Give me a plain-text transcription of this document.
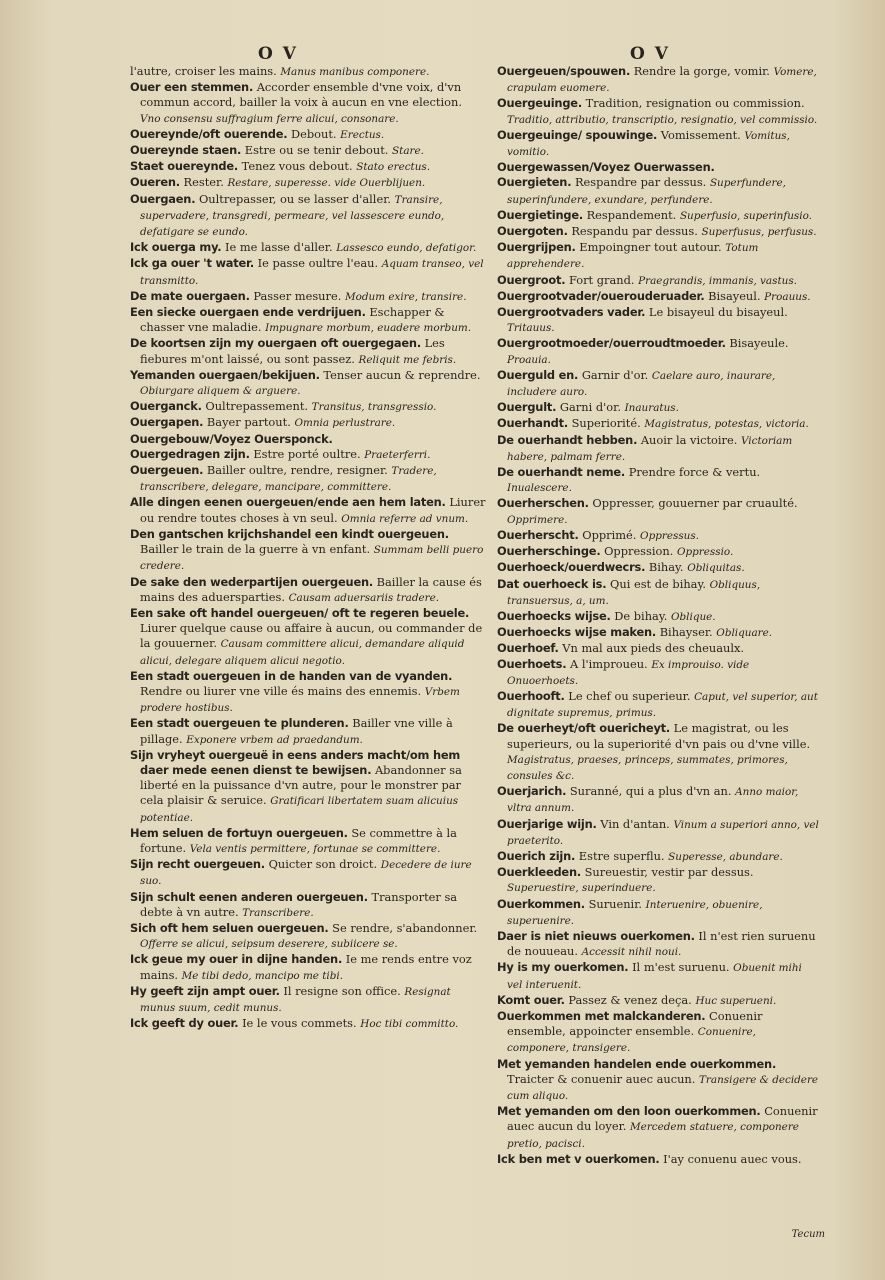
O V	O V

l'autre, croiser les mains. Manus manibus componere.

Ouer een stemmen. Accorder ensemble d'vne voix, d'vn commun accord, bailler la voix à aucun en vne election. Vno consensu suffragium ferre alicui, consonare.

Ouereynde/oft ouerende. Debout. Erectus.

Ouereynde staen. Estre ou se tenir debout. Stare.

Staet ouereynde. Tenez vous debout. Stato erectus.

Oueren. Rester. Restare, superesse. vide Ouerblijuen.

Ouergaen. Oultrepasser, ou se lasser d'aller. Transire, supervadere, transgredi, permeare, vel lassescere eundo, defatigare se eundo.

Ick ouerga my. Ie me lasse d'aller. Lassesco eundo, defatigor.

Ick ga ouer 't water. Ie passe oultre l'eau. Aquam transeo, vel transmitto.

De mate ouergaen. Passer mesure. Modum exire, transire.

Een siecke ouergaen ende verdrijuen. Eschapper & chasser vne maladie. Impugnare morbum, euadere morbum.

De koortsen zijn my ouergaen oft ouergegaen. Les fiebures m'ont laissé, ou sont passez. Reliquit me febris.

Yemanden ouergaen/bekijuen. Tenser aucun & reprendre. Obiurgare aliquem & arguere.

Ouerganck. Oultrepassement. Transitus, transgressio.

Ouergapen. Bayer partout. Omnia perlustrare.

Ouergebouw/Voyez Ouersponck.

Ouergedragen zijn. Estre porté oultre. Praeterferri.

Ouergeuen. Bailler oultre, rendre, resigner. Tradere, transcribere, delegare, mancipare, committere.

Alle dingen eenen ouergeuen/ende aen hem laten. Liurer ou rendre toutes choses à vn seul. Omnia referre ad vnum.

Den gantschen krijchshandel een kindt ouergeuen. Bailler le train de la guerre à vn enfant. Summam belli puero credere.

De sake den wederpartijen ouergeuen. Bailler la cause és mains des aduersparties. Causam aduersariis tradere.

Een sake oft handel ouergeuen/ oft te regeren beuele. Liurer quelque cause ou affaire à aucun, ou commander de la gouuerner. Causam committere alicui, demandare aliquid alicui, delegare aliquem alicui negotio.

Een stadt ouergeuen in de handen van de vyanden. Rendre ou liurer vne ville és mains des ennemis. Vrbem prodere hostibus.

Een stadt ouergeuen te plunderen. Bailler vne ville à pillage. Exponere vrbem ad praedandum.

Sijn vryheyt ouergeuë in eens anders macht/om hem daer mede eenen dienst te bewijsen. Abandonner sa liberté en la puissance d'vn autre, pour le monstrer par cela plaisir & seruice. Gratificari libertatem suam alicuius potentiae.

Hem seluen de fortuyn ouergeuen. Se commettre à la fortune. Vela ventis permittere, fortunae se committere.

Sijn recht ouergeuen. Quicter son droict. Decedere de iure suo.

Sijn schult eenen anderen ouergeuen. Transporter sa debte à vn autre. Transcribere.

Sich oft hem seluen ouergeuen. Se rendre, s'abandonner. Offerre se alicui, seipsum deserere, subiicere se.

Ick geue my ouer in dijne handen. Ie me rends entre voz mains. Me tibi dedo, mancipo me tibi.

Hy geeft zijn ampt ouer. Il resigne son office. Resignat munus suum, cedit munus.

Ick geeft dy ouer. Ie le vous commets. Hoc tibi committo.

Ouergeuen/spouwen. Rendre la gorge, vomir. Vomere, crapulam euomere.

Ouergeuinge. Tradition, resignation ou commission. Traditio, attributio, transcriptio, resignatio, vel commissio.

Ouergeuinge/ spouwinge. Vomissement. Vomitus, vomitio.

Ouergewassen/Voyez Ouerwassen.

Ouergieten. Respandre par dessus. Superfundere, superinfundere, exundare, perfundere.

Ouergietinge. Respandement. Superfusio, superinfusio.

Ouergoten. Respandu par dessus. Superfusus, perfusus.

Ouergrijpen. Empoingner tout autour. Totum apprehendere.

Ouergroot. Fort grand. Praegrandis, immanis, vastus.

Ouergrootvader/ouerouderuader. Bisayeul. Proauus.

Ouergrootvaders vader. Le bisayeul du bisayeul. Tritauus.

Ouergrootmoeder/ouerroudtmoeder. Bisayeule. Proauia.

Ouerguld en. Garnir d'or. Caelare auro, inaurare, includere auro.

Ouergult. Garni d'or. Inauratus.

Ouerhandt. Superiorité. Magistratus, potestas, victoria.

De ouerhandt hebben. Auoir la victoire. Victoriam habere, palmam ferre.

De ouerhandt neme. Prendre force & vertu. Inualescere.

Ouerherschen. Oppresser, gouuerner par cruaulté. Opprimere.

Ouerherscht. Opprimé. Oppressus.

Ouerherschinge. Oppression. Oppressio.

Ouerhoeck/ouerdwecrs. Bihay. Obliquitas.

Dat ouerhoeck is. Qui est de bihay. Obliquus, transuersus, a, um.

Ouerhoecks wijse. De bihay. Oblique.

Ouerhoecks wijse maken. Bihayser. Obliquare.

Ouerhoef. Vn mal aux pieds des cheuaulx.

Ouerhoets. A l'improueu. Ex improuiso. vide Onuoerhoets.

Ouerhooft. Le chef ou superieur. Caput, vel superior, aut dignitate supremus, primus.

De ouerheyt/oft ouericheyt. Le magistrat, ou les superieurs, ou la superiorité d'vn pais ou d'vne ville. Magistratus, praeses, princeps, summates, primores, consules &c.

Ouerjarich. Suranné, qui a plus d'vn an. Anno maior, vltra annum.

Ouerjarige wijn. Vin d'antan. Vinum a superiori anno, vel praeterito.

Ouerich zijn. Estre superflu. Superesse, abundare.

Ouerkleeden. Sureuestir, vestir par dessus. Superuestire, superinduere.

Ouerkommen. Suruenir. Interuenire, obuenire, superuenire.

Daer is niet nieuws ouerkomen. Il n'est rien suruenu de nouueau. Accessit nihil noui.

Hy is my ouerkomen. Il m'est suruenu. Obuenit mihi vel interuenit.

Komt ouer. Passez & venez deça. Huc superueni.

Ouerkommen met malckanderen. Conuenir ensemble, appoincter ensemble. Conuenire, componere, transigere.

Met yemanden handelen ende ouerkommen. Traicter & conuenir auec aucun. Transigere & decidere cum aliquo.

Met yemanden om den loon ouerkommen. Conuenir auec aucun du loyer. Mercedem statuere, componere pretio, pacisci.

Ick ben met v ouerkomen. I'ay conuenu auec vous.

Tecum
